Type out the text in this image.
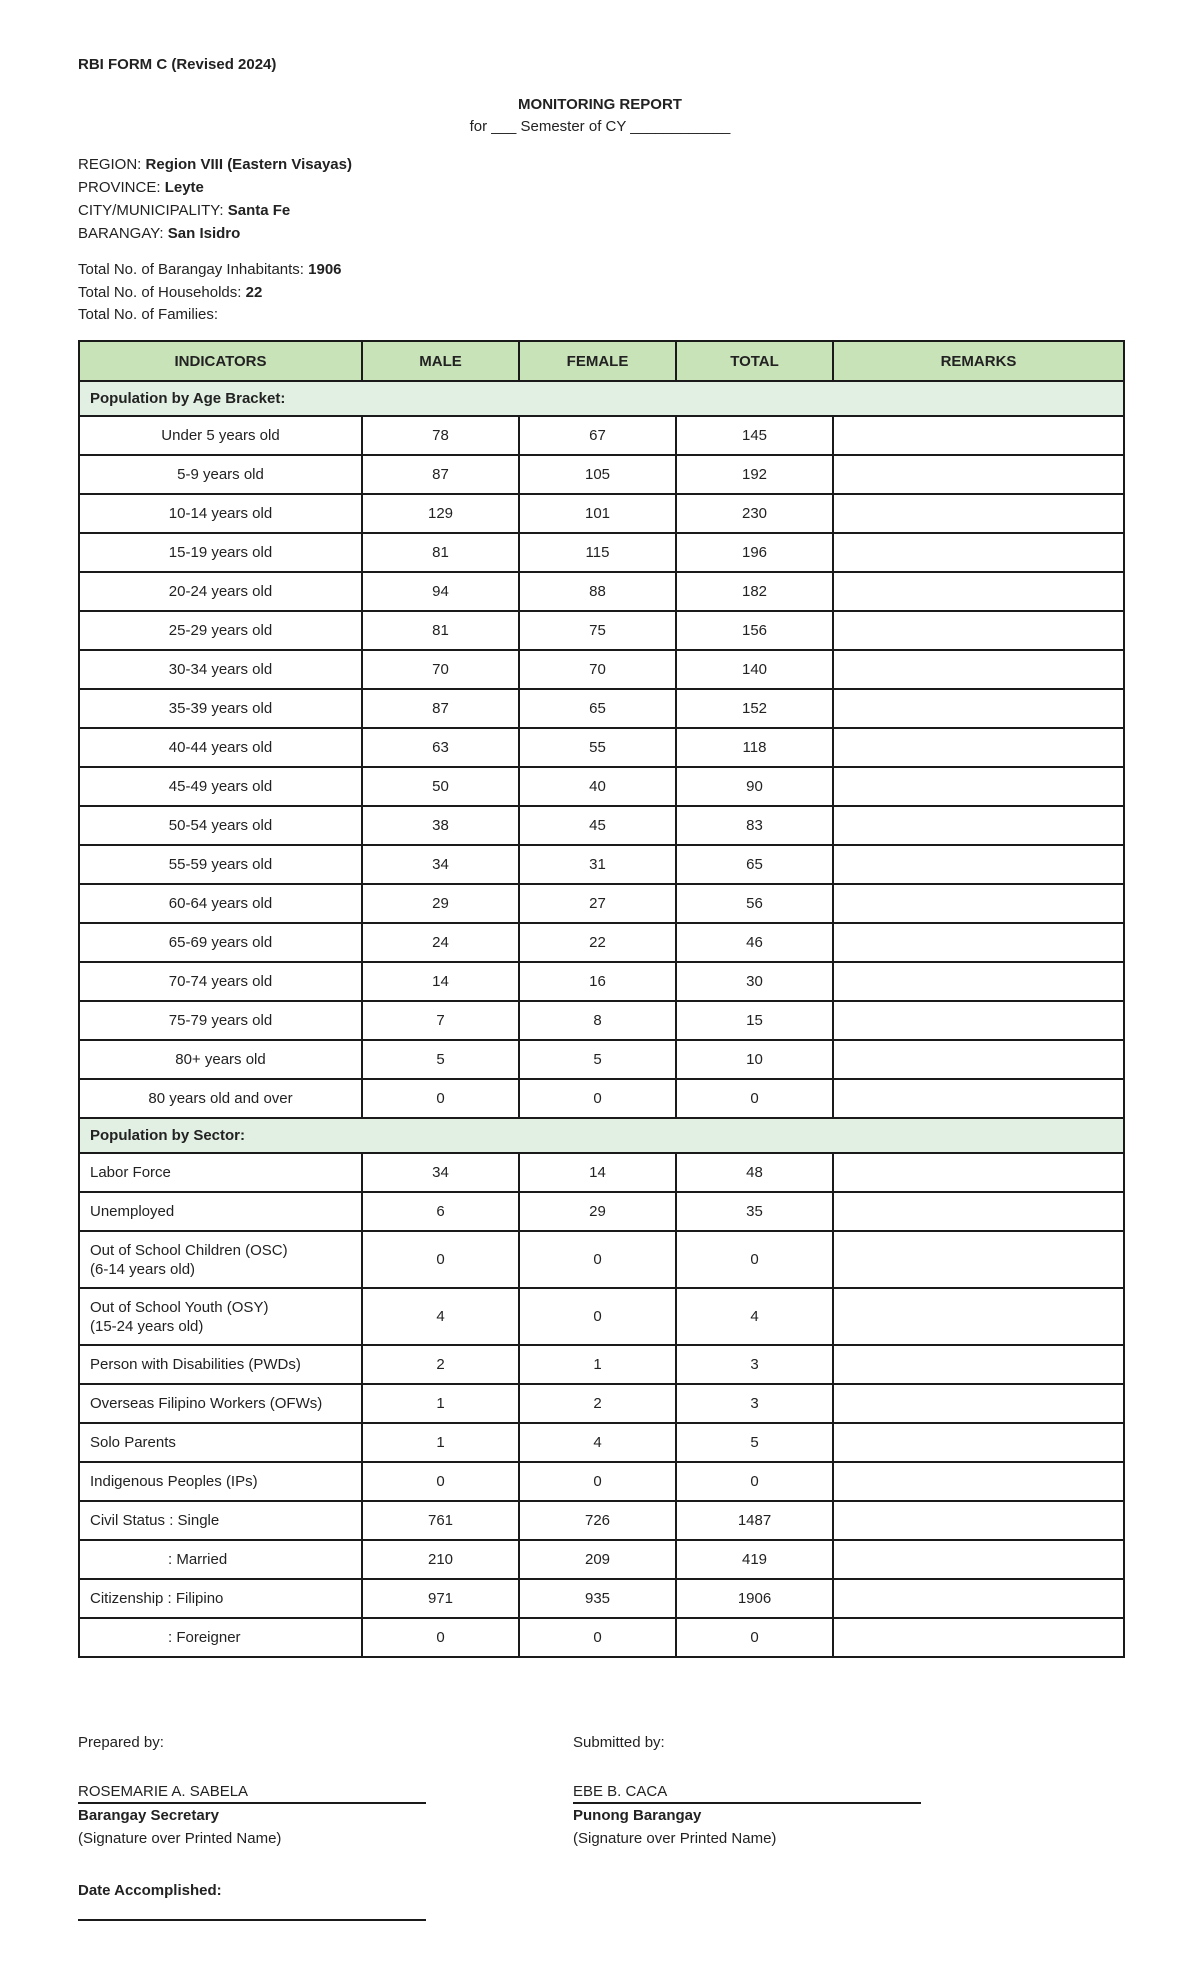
RBI FORM C (Revised 2024)
MONITORING REPORT
for ___ Semester of CY ____________
REGION: Region VIII (Eastern Visayas)
PROVINCE: Leyte
CITY/MUNICIPALITY: Santa Fe
BARANGAY: San Isidro
Total No. of Barangay Inhabitants: 1906
Total No. of Households: 22
Total No. of Families:
INDICATORS	MALE	FEMALE	TOTAL	REMARKS
Population by Age Bracket:				
Under 5 years old	78	67	145	
5-9 years old	87	105	192	
10-14 years old	129	101	230	
15-19 years old	81	115	196	
20-24 years old	94	88	182	
25-29 years old	81	75	156	
30-34 years old	70	70	140	
35-39 years old	87	65	152	
40-44 years old	63	55	118	
45-49 years old	50	40	90	
50-54 years old	38	45	83	
55-59 years old	34	31	65	
60-64 years old	29	27	56	
65-69 years old	24	22	46	
70-74 years old	14	16	30	
75-79 years old	7	8	15	
80+ years old	5	5	10	
80 years old and over	0	0	0	
Population by Sector:				
Labor Force	34	14	48	
Unemployed	6	29	35	

Out of School Children (OSC)
(6-14 years old)	0	0	0	

Out of School Youth (OSY)
(15-24 years old)	4	0	4	
Person with Disabilities (PWDs)	2	1	3	
Overseas Filipino Workers (OFWs)	1	2	3	
Solo Parents	1	4	5	
Indigenous Peoples (IPs)	0	0	0	
Civil Status : Single	761	726	1487	
: Married	210	209	419	
Citizenship : Filipino	971	935	1906	
: Foreigner	0	0	0	
Prepared by:
ROSEMARIE A. SABELA
Barangay Secretary
(Signature over Printed Name)
Submitted by:
EBE B. CACA
Punong Barangay
(Signature over Printed Name)
Date Accomplished:
